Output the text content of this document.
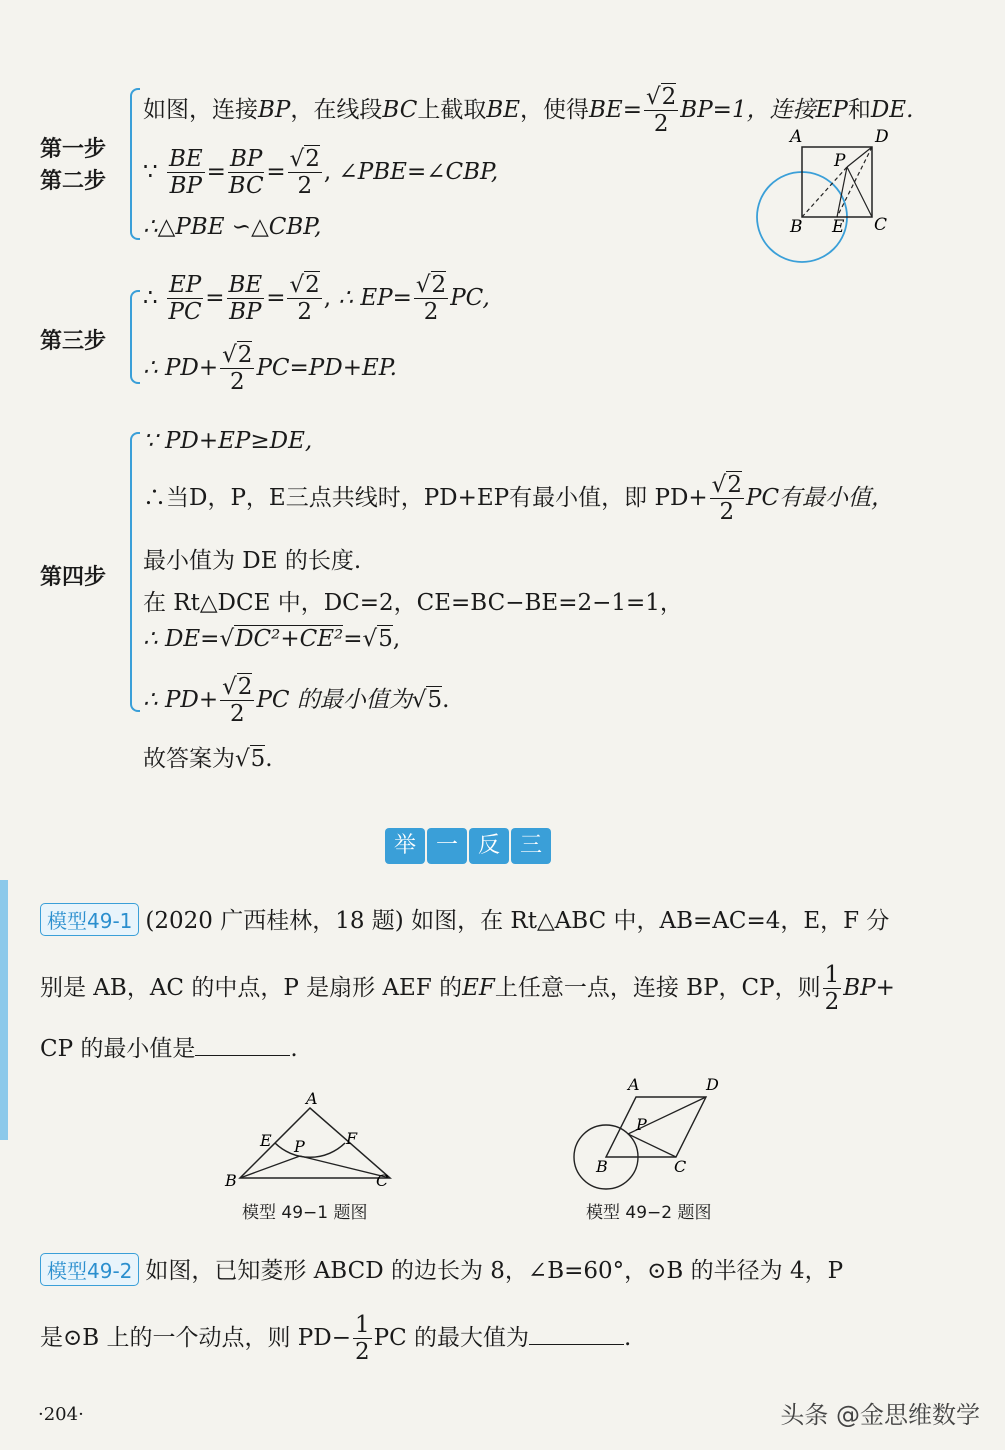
第一步
第二步
第三步
第四步
如图，连接BP，在线段BC上截取BE，使得$BE= \frac{√2}{2} BP=1$，连接EP和DE.
∵ $\frac{BE}{BP} = \frac{BP}{BC} = \frac{√2}{2}$ , ∠PBE=∠CBP,
∴△PBE ∽△CBP,
∴ $\frac{EP}{PC} = \frac{BE}{BP} = \frac{√2}{2}$ , ∴ $EP= \frac{√2}{2}$ PC,
∴ $PD+ \frac{√2}{2} PC=PD+EP$.
∵ PD+EP≥DE,
∴当D，P，E三点共线时，PD+EP有最小值，即 $PD+ \frac{√2}{2}$ PC有最小值，
最小值为 DE 的长度.
在 Rt△DCE 中，DC=2，CE=BC−BE=2−1=1，
∴ DE=√DC²+CE²=√5,
∴ $PD+ \frac{√2}{2}$ PC 的最小值为√5.
故答案为√5.
A	D
P
B E C
举 一 反 三
模型49-1 (2020 广西桂林，18 题) 如图，在 Rt△ABC 中，AB=AC=4，E，F 分
别是 AB，AC 的中点，P 是扇形 AEF 的EF上任意一点，连接 BP，CP，则 $\frac{1}{2} BP+$
CP 的最小值是	.
A
E	F
P
B	C
模型 49−1 题图
A	D
P
B	C
模型 49−2 题图
模型49-2 如图，已知菱形 ABCD 的边长为 8，∠B=60°，⊙B 的半径为 4，P
是⊙B 上的一个动点，则 $PD- \frac{1}{2}$ PC 的最大值为	.
·204·	头条 @金思维数学
